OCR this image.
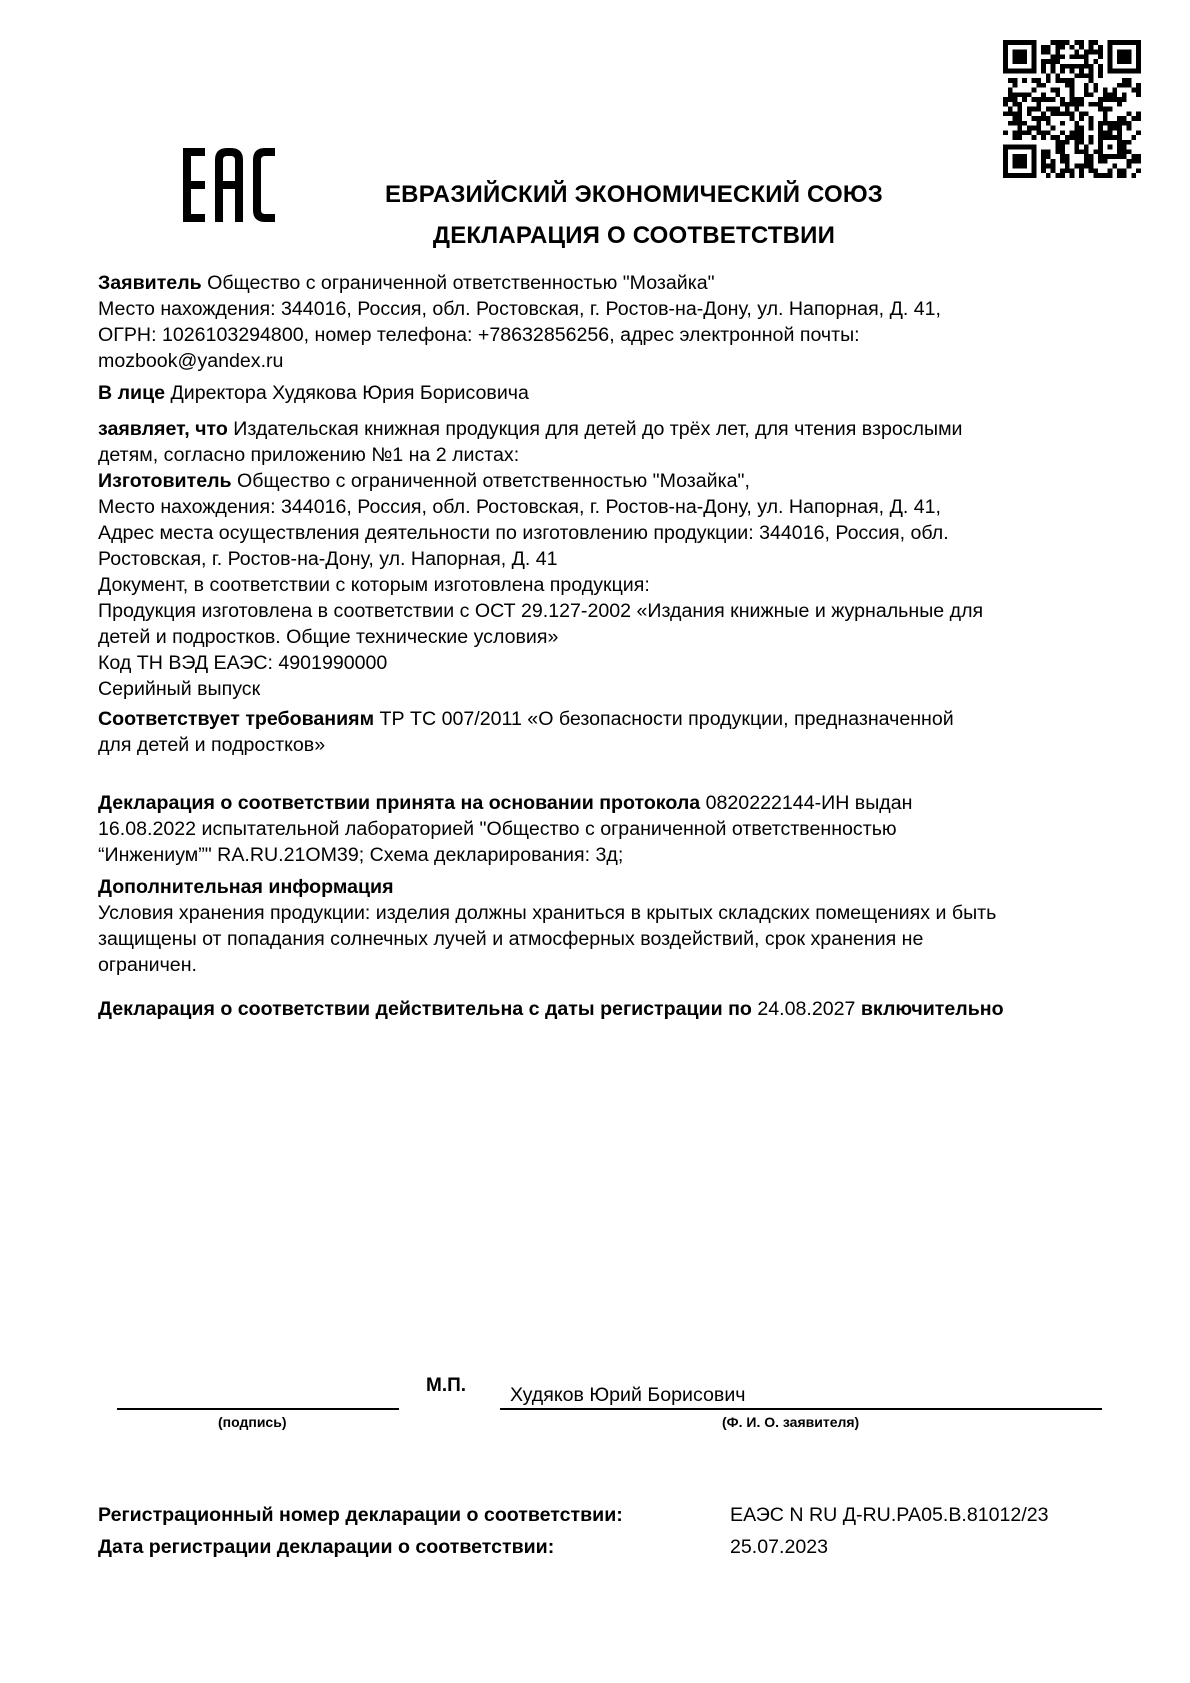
ЕВРАЗИЙСКИЙ ЭКОНОМИЧЕСКИЙ СОЮЗ
ДЕКЛАРАЦИЯ О СООТВЕТСТВИИ

Заявитель Общество с ограниченной ответственностью "Мозайка"

Место нахождения: 344016, Россия, обл. Ростовская, г. Ростов-на-Дону, ул. Напорная, Д. 41,

ОГРН: 1026103294800, номер телефона: +78632856256, адрес электронной почты:

mozbook@yandex.ru

В лице Директора Худякова Юрия Борисовича

заявляет, что Издательская книжная продукция для детей до трёх лет, для чтения взрослыми

детям, согласно приложению №1 на 2 листах:

Изготовитель Общество с ограниченной ответственностью "Мозайка",

Место нахождения: 344016, Россия, обл. Ростовская, г. Ростов-на-Дону, ул. Напорная, Д. 41,

Адрес места осуществления деятельности по изготовлению продукции: 344016, Россия, обл.

Ростовская, г. Ростов-на-Дону, ул. Напорная, Д. 41

Документ, в соответствии с которым изготовлена продукция:

Продукция изготовлена в соответствии с ОСТ 29.127-2002 «Издания книжные и журнальные для

детей и подростков. Общие технические условия»

Код ТН ВЭД ЕАЭС: 4901990000

Серийный выпуск

Соответствует требованиям ТР ТС 007/2011 «О безопасности продукции, предназначенной

для детей и подростков»

Декларация о соответствии принята на основании протокола 0820222144-ИН выдан

16.08.2022 испытательной лабораторией "Общество с ограниченной ответственностью

“Инжениум”" RA.RU.21ОМ39; Схема декларирования: 3д;

Дополнительная информация

Условия хранения продукции: изделия должны храниться в крытых складских помещениях и быть

защищены от попадания солнечных лучей и атмосферных воздействий, срок хранения не

ограничен.

Декларация о соответствии действительна с даты регистрации по 24.08.2027 включительно

М.П.
(подпись)
Худяков Юрий Борисович
(Ф. И. О. заявителя)
Регистрационный номер декларации о соответствии:	ЕАЭС N RU Д-RU.РА05.В.81012/23
Дата регистрации декларации о соответствии:	25.07.2023
